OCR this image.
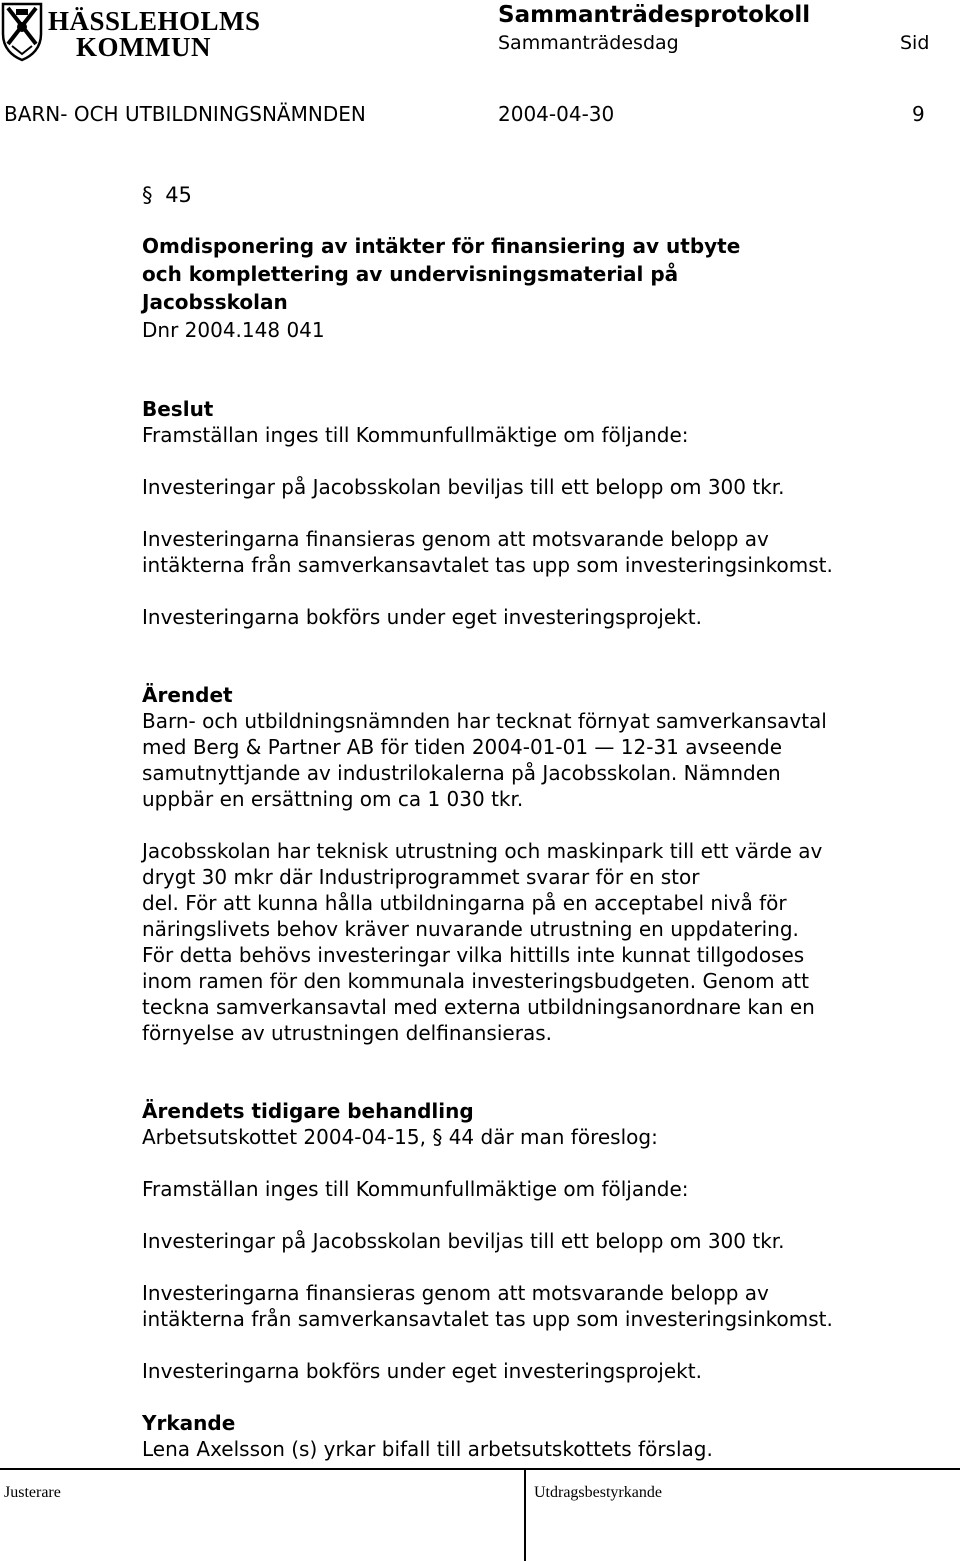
HÄSSLEHOLMS
KOMMUN
Sammanträdesprotokoll
Sammanträdesdag	Sid
BARN- OCH UTBILDNINGSNÄMNDEN	2004-04-30	9
§ 45
Omdisponering av intäkter för finansiering av utbyte
och komplettering av undervisningsmaterial på
Jacobsskolan
Dnr 2004.148 041
Beslut
Framställan inges till Kommunfullmäktige om följande:
Investeringar på Jacobsskolan beviljas till ett belopp om 300 tkr.
Investeringarna finansieras genom att motsvarande belopp av
intäkterna från samverkansavtalet tas upp som investeringsinkomst.
Investeringarna bokförs under eget investeringsprojekt.
Ärendet
Barn- och utbildningsnämnden har tecknat förnyat samverkansavtal
med Berg & Partner AB för tiden 2004-01-01 — 12-31 avseende
samutnyttjande av industrilokalerna på Jacobsskolan. Nämnden
uppbär en ersättning om ca 1 030 tkr.
Jacobsskolan har teknisk utrustning och maskinpark till ett värde av
drygt 30 mkr där Industriprogrammet svarar för en stor
del. För att kunna hålla utbildningarna på en acceptabel nivå för
näringslivets behov kräver nuvarande utrustning en uppdatering.
För detta behövs investeringar vilka hittills inte kunnat tillgodoses
inom ramen för den kommunala investeringsbudgeten. Genom att
teckna samverkansavtal med externa utbildningsanordnare kan en
förnyelse av utrustningen delfinansieras.
Ärendets tidigare behandling
Arbetsutskottet 2004-04-15, § 44 där man föreslog:
Framställan inges till Kommunfullmäktige om följande:
Investeringar på Jacobsskolan beviljas till ett belopp om 300 tkr.
Investeringarna finansieras genom att motsvarande belopp av
intäkterna från samverkansavtalet tas upp som investeringsinkomst.
Investeringarna bokförs under eget investeringsprojekt.
Yrkande
Lena Axelsson (s) yrkar bifall till arbetsutskottets förslag.
Justerare	Utdragsbestyrkande
